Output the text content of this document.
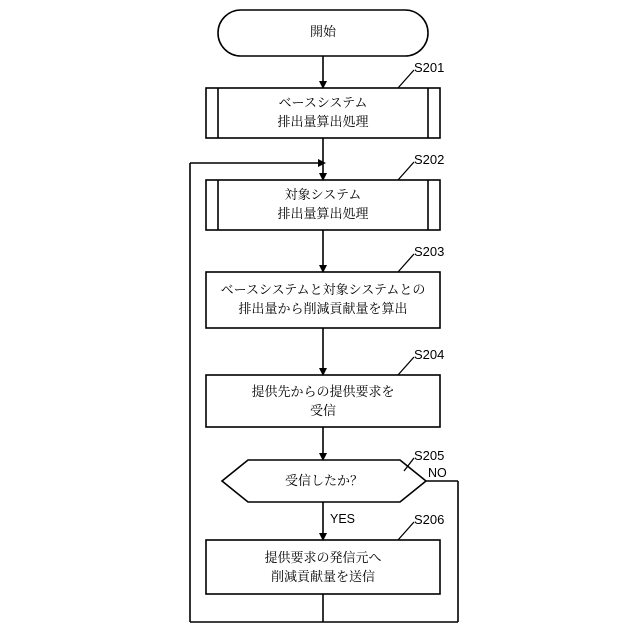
開始
ベースシステム
排出量算出処理
対象システム
排出量算出処理
ベースシステムと対象システムとの
排出量から削減貢献量を算出
提供先からの提供要求を
受信
受信したか？
提供要求の発信元へ
削減貢献量を送信
S201
S202
S203
S204
S205
S206
NO
YES
